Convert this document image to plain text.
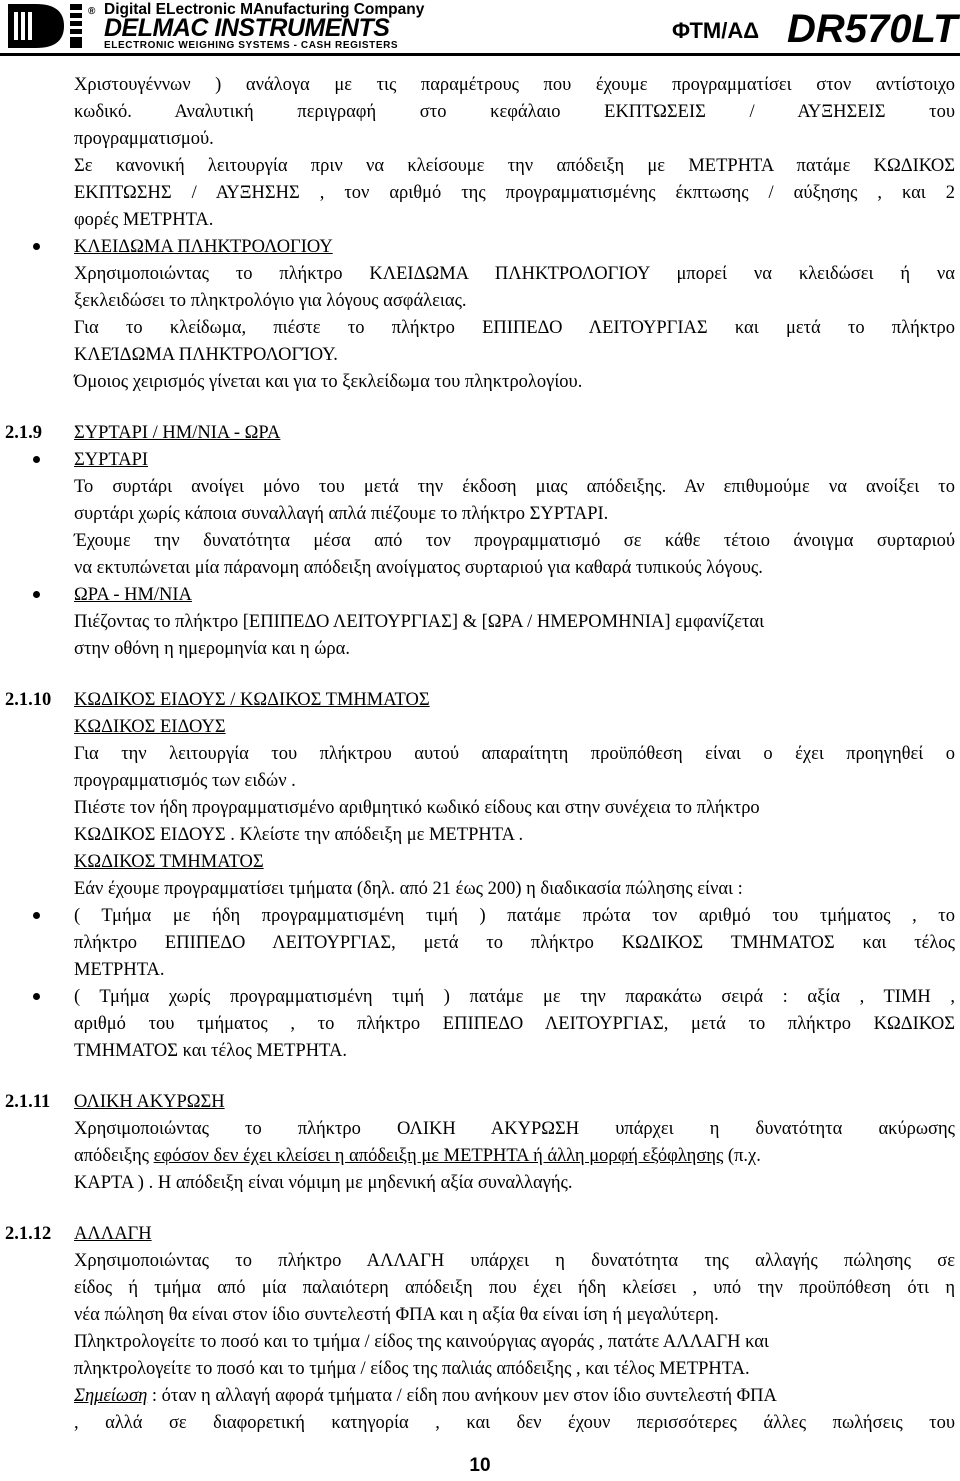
® Digital ELectronic MAnufacturing Company
DELMAC INSTRUMENTS
ELECTRONIC WEIGHING SYSTEMS - CASH REGISTERS
ΦΤΜ/ΑΔ DR570LT
Χριστουγέννων ) ανάλογα με τις παραμέτρους που έχουμε προγραμματίσει στον αντίστοιχο
κωδικό. Αναλυτική περιγραφή στο κεφάλαιο ΕΚΠΤΩΣΕΙΣ / ΑΥΞΗΣΕΙΣ του
προγραμματισμού.
Σε κανονική λειτουργία πριν να κλείσουμε την απόδειξη με ΜΕΤΡΗΤΑ πατάμε ΚΩΔΙΚΟΣ
ΕΚΠΤΩΣΗΣ / ΑΥΞΗΣΗΣ , τον αριθμό της προγραμματισμένης έκπτωσης / αύξησης , και 2
φορές ΜΕΤΡΗΤΑ.
ΚΛΕΙΔΩΜΑ ΠΛΗΚΤΡΟΛΟΓΙΟΥ
Χρησιμοποιώντας το πλήκτρο ΚΛΕΙΔΩΜΑ ΠΛΗΚΤΡΟΛΟΓΙΟΥ μπορεί να κλειδώσει ή να
ξεκλειδώσει το πληκτρολόγιο για λόγους ασφάλειας.
Για το κλείδωμα, πιέστε το πλήκτρο ΕΠΙΠΕΔΟ ΛΕΙΤΟΥΡΓΙΑΣ και μετά το πλήκτρο
ΚΛΕΊΔΩΜΑ ΠΛΗΚΤΡΟΛΟΓΊΟΥ.
Όμοιος χειρισμός γίνεται και για το ξεκλείδωμα του πληκτρολογίου.
2.1.9 ΣΥΡΤΑΡΙ / ΗΜ/ΝΙΑ - ΩΡΑ
ΣΥΡΤΑΡΙ
Το συρτάρι ανοίγει μόνο του μετά την έκδοση μιας απόδειξης. Αν επιθυμούμε να ανοίξει το
συρτάρι χωρίς κάποια συναλλαγή απλά πιέζουμε το πλήκτρο ΣΥΡΤΑΡΙ.
Έχουμε την δυνατότητα μέσα από τον προγραμματισμό σε κάθε τέτοιο άνοιγμα συρταριού
να εκτυπώνεται μία πάρανομη απόδειξη ανοίγματος συρταριού για καθαρά τυπικούς λόγους.
ΩΡΑ - ΗΜ/ΝΙΑ
Πιέζοντας το πλήκτρο [ΕΠΙΠΕΔΟ ΛΕΙΤΟΥΡΓΙΑΣ] & [ΩΡΑ / ΗΜΕΡΟΜΗΝΙΑ] εμφανίζεται
στην οθόνη η ημερομηνία και η ώρα.
2.1.10 ΚΩΔΙΚΟΣ ΕΙΔΟΥΣ / ΚΩΔΙΚΟΣ ΤΜΗΜΑΤΟΣ
ΚΩΔΙΚΟΣ ΕΙΔΟΥΣ
Για την λειτουργία του πλήκτρου αυτού απαραίτητη προϋπόθεση είναι ο έχει προηγηθεί ο
προγραμματισμός των ειδών .
Πιέστε τον ήδη προγραμματισμένο αριθμητικό κωδικό είδους και στην συνέχεια το πλήκτρο
ΚΩΔΙΚΟΣ ΕΙΔΟΥΣ . Κλείστε την απόδειξη με ΜΕΤΡΗΤΑ .
ΚΩΔΙΚΟΣ ΤΜΗΜΑΤΟΣ
Εάν έχουμε προγραμματίσει τμήματα (δηλ. από 21 έως 200) η διαδικασία πώλησης είναι :
( Τμήμα με ήδη προγραμματισμένη τιμή ) πατάμε πρώτα τον αριθμό του τμήματος , το
πλήκτρο ΕΠΙΠΕΔΟ ΛΕΙΤΟΥΡΓΙΑΣ, μετά το πλήκτρο ΚΩΔΙΚΟΣ ΤΜΗΜΑΤΟΣ και τέλος
ΜΕΤΡΗΤΑ.
( Τμήμα χωρίς προγραμματισμένη τιμή ) πατάμε με την παρακάτω σειρά : αξία , ΤΙΜΗ ,
αριθμό του τμήματος , το πλήκτρο ΕΠΙΠΕΔΟ ΛΕΙΤΟΥΡΓΙΑΣ, μετά το πλήκτρο ΚΩΔΙΚΟΣ
ΤΜΗΜΑΤΟΣ και τέλος ΜΕΤΡΗΤΑ.
2.1.11 ΟΛΙΚΗ ΑΚΥΡΩΣΗ
Χρησιμοποιώντας το πλήκτρο ΟΛΙΚΗ ΑΚΥΡΩΣΗ υπάρχει η δυνατότητα ακύρωσης
απόδειξης εφόσον δεν έχει κλείσει η απόδειξη με ΜΕΤΡΗΤΑ ή άλλη μορφή εξόφλησης (π.χ.
ΚΑΡΤΑ ) . Η απόδειξη είναι νόμιμη με μηδενική αξία συναλλαγής.
2.1.12 ΑΛΛΑΓΗ
Χρησιμοποιώντας το πλήκτρο ΑΛΛΑΓΗ υπάρχει η δυνατότητα της αλλαγής πώλησης σε
είδος ή τμήμα από μία παλαιότερη απόδειξη που έχει ήδη κλείσει , υπό την προϋπόθεση ότι η
νέα πώληση θα είναι στον ίδιο συντελεστή ΦΠΑ και η αξία θα είναι ίση ή μεγαλύτερη.
Πληκτρολογείτε το ποσό και το τμήμα / είδος της καινούργιας αγοράς , πατάτε ΑΛΛΑΓΗ και
πληκτρολογείτε το ποσό και το τμήμα / είδος της παλιάς απόδειξης , και τέλος ΜΕΤΡΗΤΑ.
Σημείωση : όταν η αλλαγή αφορά τμήματα / είδη που ανήκουν μεν στον ίδιο συντελεστή ΦΠΑ
, αλλά σε διαφορετική κατηγορία , και δεν έχουν περισσότερες άλλες πωλήσεις του
10
